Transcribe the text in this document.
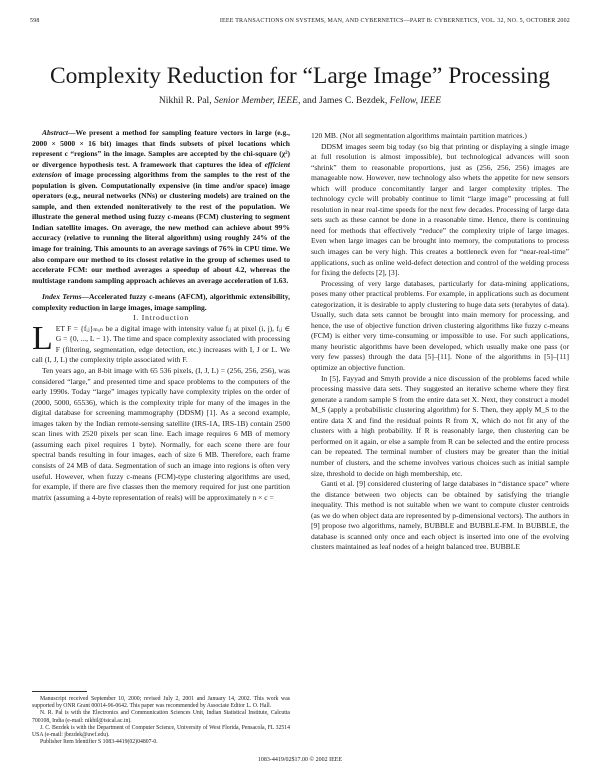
598	IEEE TRANSACTIONS ON SYSTEMS, MAN, AND CYBERNETICS—PART B: CYBERNETICS, VOL. 32, NO. 5, OCTOBER 2002
Complexity Reduction for “Large Image” Processing
Nikhil R. Pal, Senior Member, IEEE, and James C. Bezdek, Fellow, IEEE

Abstract—We present a method for sampling feature vectors in large (e.g., 2000 × 5000 × 16 bit) images that finds subsets of pixel locations which represent c “regions” in the image. Samples are accepted by the chi-square (χ²) or divergence hypothesis test. A framework that captures the idea of efficient extension of image processing algorithms from the samples to the rest of the population is given. Computationally expensive (in time and/or space) image operators (e.g., neural networks (NNs) or clustering models) are trained on the sample, and then extended noniteratively to the rest of the population. We illustrate the general method using fuzzy c-means (FCM) clustering to segment Indian satellite images. On average, the new method can achieve about 99% accuracy (relative to running the literal algorithm) using roughly 24% of the image for training. This amounts to an average savings of 76% in CPU time. We also compare our method to its closest relative in the group of schemes used to accelerate FCM: our method averages a speedup of about 4.2, whereas the multistage random sampling approach achieves an average acceleration of 1.63.

Index Terms—Accelerated fuzzy c-means (AFCM), algorithmic extensibility, complexity reduction in large images, image sampling.

I. Introduction

LET F = {fᵢⱼ}ₘₓₙ be a digital image with intensity value fᵢⱼ at pixel (i, j), fᵢⱼ ∈ G = {0, ..., L − 1}. The time and space complexity associated with processing F (filtering, segmentation, edge detection, etc.) increases with I, J or L. We call (I, J, L) the complexity triple associated with F.

Ten years ago, an 8-bit image with 65 536 pixels, (I, J, L) = (256, 256, 256), was considered “large,” and presented time and space problems to the computers of the early 1990s. Today “large” images typically have complexity triples on the order of (2000, 5000, 65536), which is the complexity triple for many of the images in the digital database for screening mammography (DDSM) [1]. As a second example, images taken by the Indian remote-sensing satellite (IRS-1A, IRS-1B) contain 2500 scan lines with 2520 pixels per scan line. Each image requires 6 MB of memory (assuming each pixel requires 1 byte). Normally, for each scene there are four spectral bands resulting in four images, each of size 6 MB. Therefore, each frame consists of 24 MB of data. Segmentation of such an image into regions is often very useful. However, when fuzzy c-means (FCM)-type clustering algorithms are used, for example, if there are five classes then the memory required for just one partition matrix (assuming a 4-byte representation of reals) will be approximately n × c =

120 MB. (Not all segmentation algorithms maintain partition matrices.)

DDSM images seem big today (so big that printing or displaying a single image at full resolution is almost impossible), but technological advances will soon “shrink” them to reasonable proportions, just as (256, 256, 256) images are manageable now. However, new technology also whets the appetite for new sensors which will produce concomitantly larger and larger complexity triples. The technology cycle will probably continue to limit “large image” processing at full resolution in near real-time speeds for the next few decades. Processing of large data sets such as these cannot be done in a reasonable time. Hence, there is continuing need for methods that effectively “reduce” the complexity triple of large images. Even when large images can be brought into memory, the computations to process such images can be very high. This creates a bottleneck even for “near-real-time” applications, such as online weld-defect detection and control of the welding process for fixing the defects [2], [3].

Processing of very large databases, particularly for data-mining applications, poses many other practical problems. For example, in applications such as document categorization, it is desirable to apply clustering to huge data sets (terabytes of data). Usually, such data sets cannot be brought into main memory for processing, and hence, the use of objective function driven clustering algorithms like fuzzy c-means (FCM) is either very time-consuming or impossible to use. For such applications, many heuristic algorithms have been developed, which usually make one pass (or very few passes) through the data [5]–[11]. None of the algorithms in [5]–[11] optimize an objective function.

In [5], Fayyad and Smyth provide a nice discussion of the problems faced while processing massive data sets. They suggested an iterative scheme where they first generate a random sample S from the entire data set X. Next, they construct a model M_S (apply a probabilistic clustering algorithm) for S. Then, they apply M_S to the entire data X and find the residual points R from X, which do not fit any of the clusters with a high probability. If R is reasonably large, then clustering can be performed on it again, or else a sample from R can be selected and the entire process can be repeated. The terminal number of clusters may be greater than the initial number of clusters, and the scheme involves various choices such as initial sample size, threshold to decide on high membership, etc.

Ganti et al. [9] considered clustering of large databases in “distance space” where the distance between two objects can be obtained by satisfying the triangle inequality. This method is not suitable when we want to compute cluster centroids (as we do when object data are represented by p-dimensional vectors). The authors in [9] propose two algorithms, namely, BUBBLE and BUBBLE-FM. In BUBBLE, the database is scanned only once and each object is inserted into one of the evolving clusters maintained as leaf nodes of a height balanced tree. BUBBLE

Manuscript received September 10, 2000; revised July 2, 2001 and January 14, 2002. This work was supported by ONR Grant 00014-96-0642. This paper was recommended by Associate Editor L. O. Hall.

N. R. Pal is with the Electronics and Communication Sciences Unit, Indian Statistical Institute, Calcutta 700108, India (e-mail: nikhil@isical.ac.in).

J. C. Bezdek is with the Department of Computer Science, University of West Florida, Pensacola, FL 32514 USA (e-mail: jbezdek@uwf.edu).

Publisher Item Identifier S 1083-4419(02)04807-0.

1083-4419/02$17.00 © 2002 IEEE
